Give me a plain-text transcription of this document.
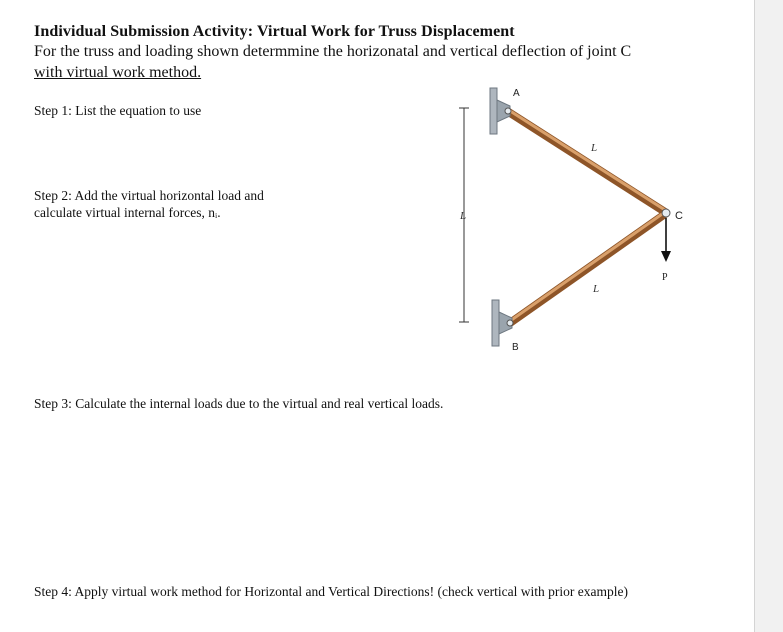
Individual Submission Activity: Virtual Work for Truss Displacement
For the truss and loading shown determmine the horizonatal and vertical deflection of joint C
with virtual work method.
Step 1: List the equation to use
Step 2: Add the virtual horizontal load and
calculate virtual internal forces, nᵢ.
Step 3: Calculate the internal loads due to the virtual and real vertical loads.
Step 4: Apply virtual work method for Horizontal and Vertical Directions! (check vertical with prior example)
L
A
B
C
P
L
L
